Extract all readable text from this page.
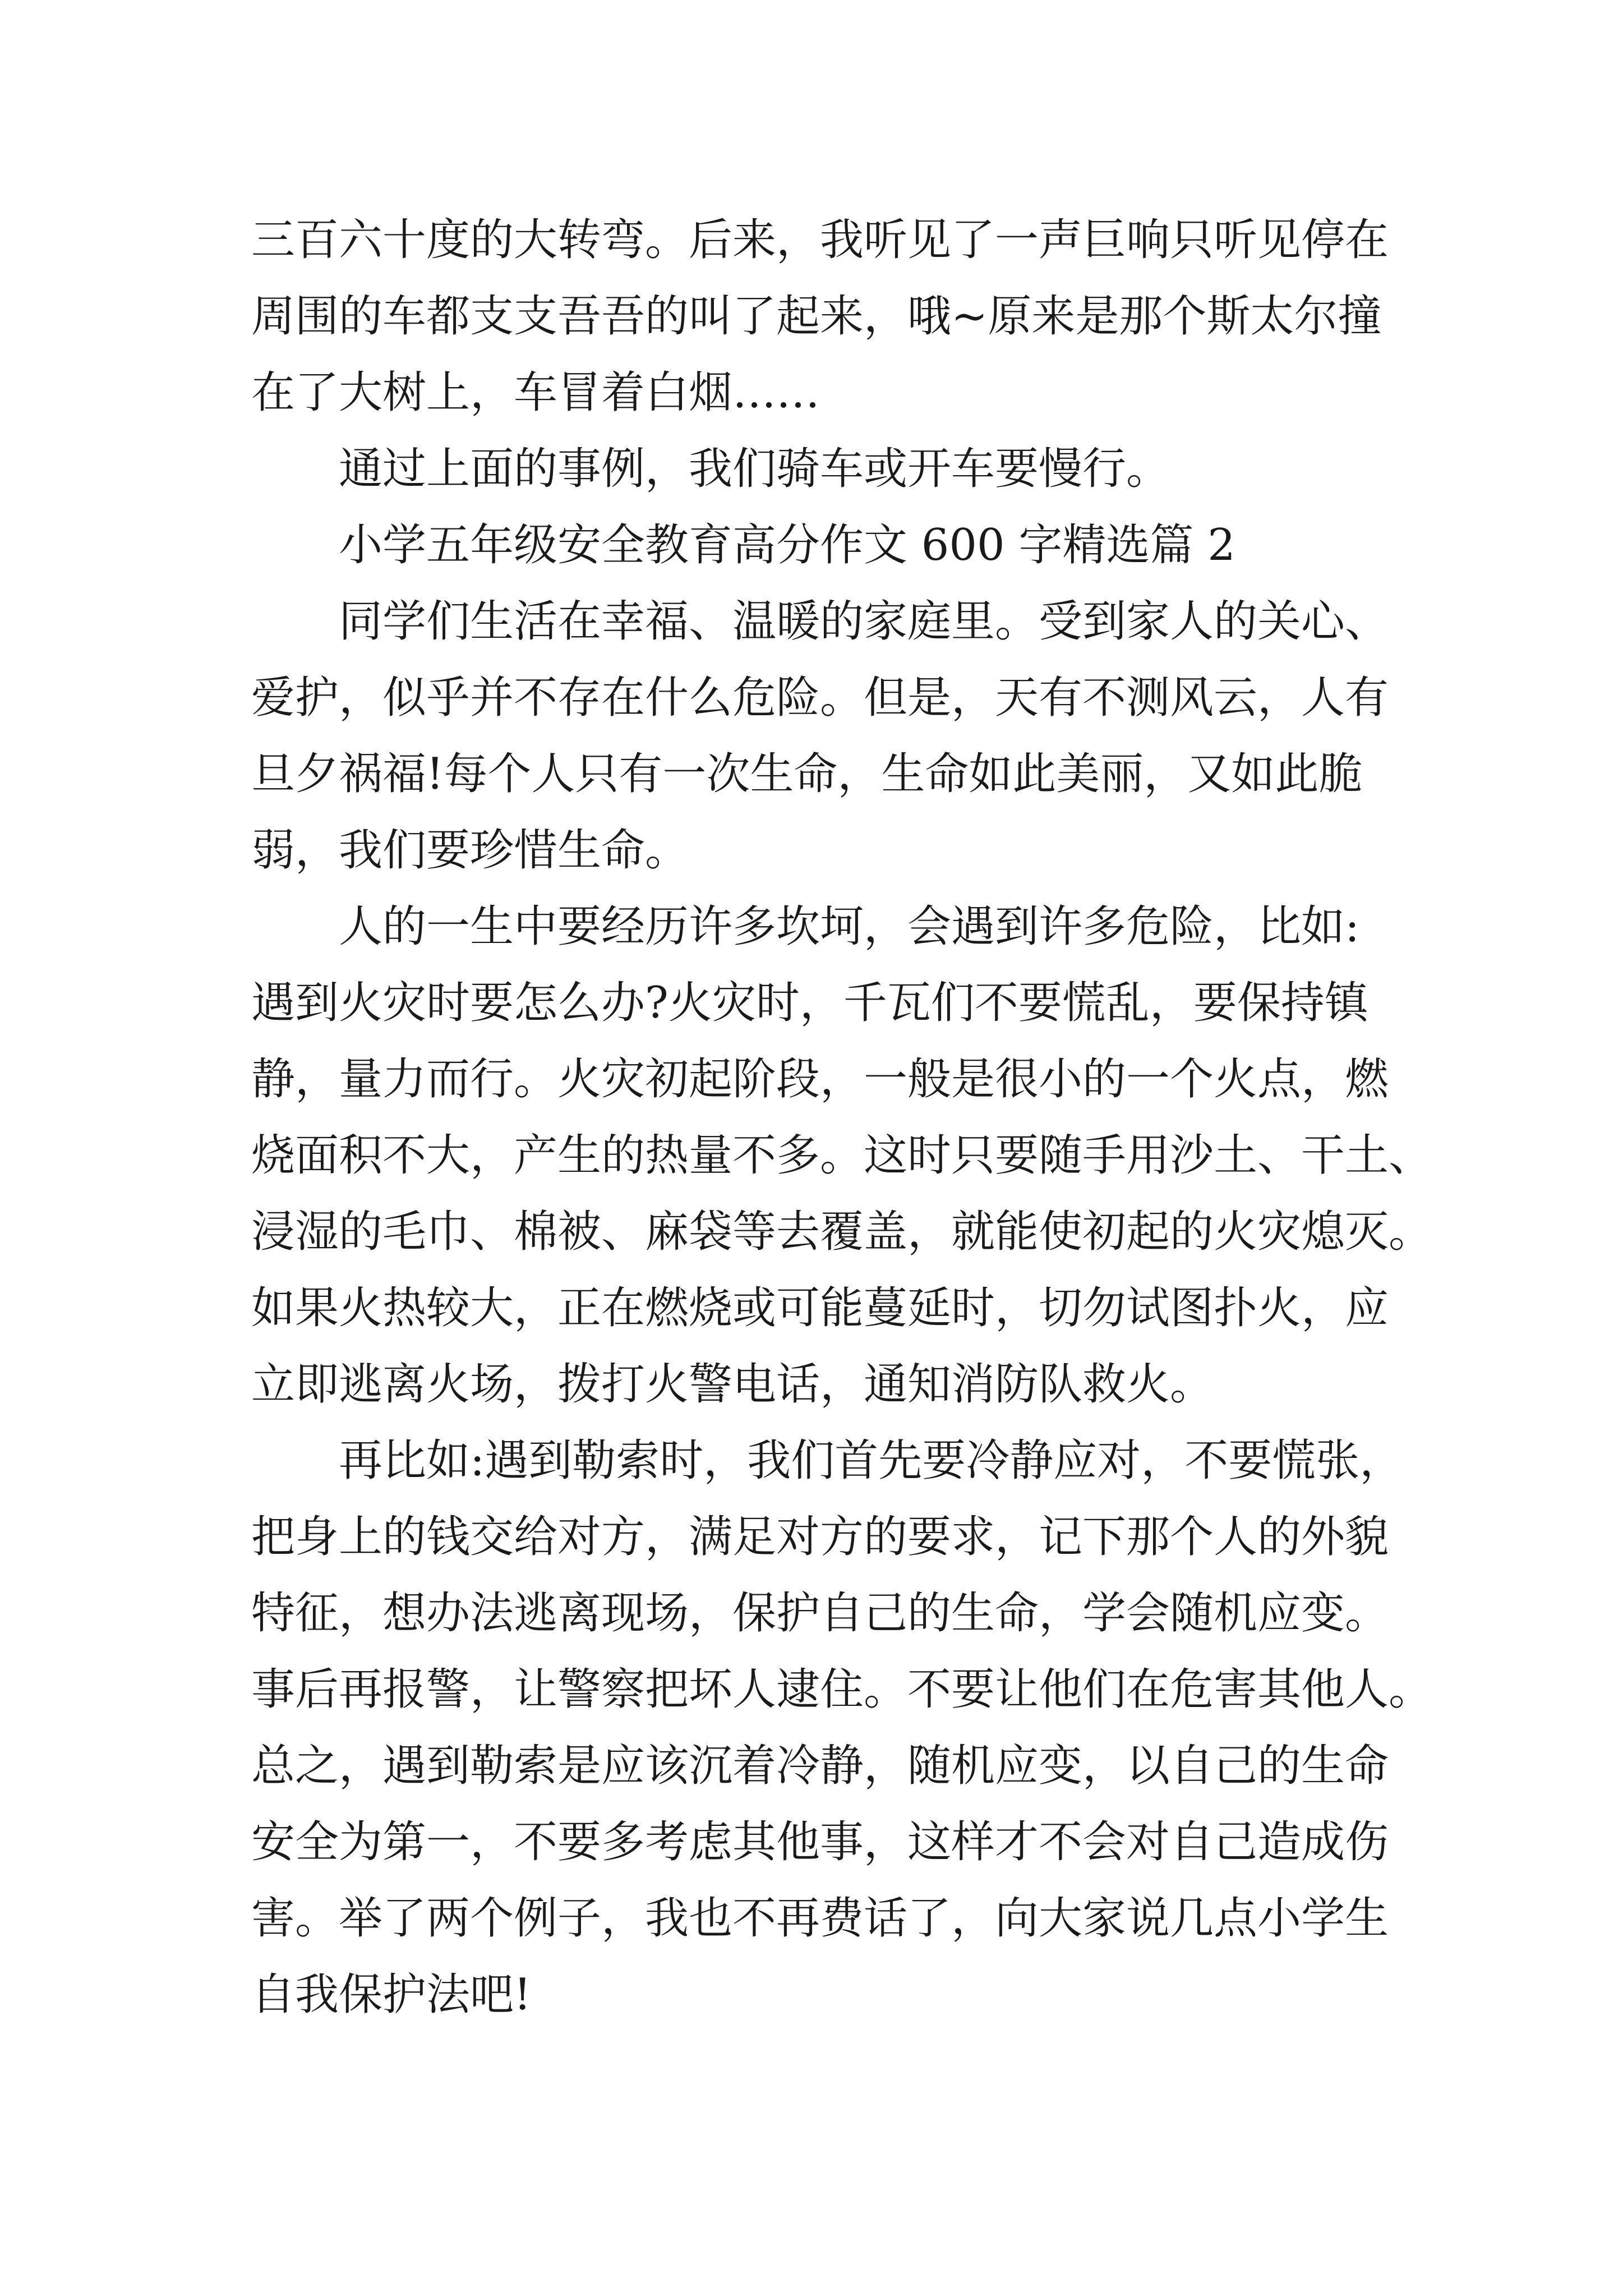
三百六十度的大转弯。后来，我听见了一声巨响只听见停在
周围的车都支支吾吾的叫了起来，哦~原来是那个斯太尔撞
在了大树上，车冒着白烟……
通过上面的事例，我们骑车或开车要慢行。
小学五年级安全教育高分作文 600 字精选篇 2
同学们生活在幸福、温暖的家庭里。受到家人的关心、
爱护，似乎并不存在什么危险。但是，天有不测风云，人有
旦夕祸福!每个人只有一次生命，生命如此美丽，又如此脆
弱，我们要珍惜生命。
人的一生中要经历许多坎坷，会遇到许多危险，比如:
遇到火灾时要怎么办?火灾时，千瓦们不要慌乱，要保持镇
静，量力而行。火灾初起阶段，一般是很小的一个火点，燃
烧面积不大，产生的热量不多。这时只要随手用沙土、干土、
浸湿的毛巾、棉被、麻袋等去覆盖，就能使初起的火灾熄灭。
如果火热较大，正在燃烧或可能蔓延时，切勿试图扑火，应
立即逃离火场，拨打火警电话，通知消防队救火。
再比如:遇到勒索时，我们首先要冷静应对，不要慌张，
把身上的钱交给对方，满足对方的要求，记下那个人的外貌
特征，想办法逃离现场，保护自己的生命，学会随机应变。
事后再报警，让警察把坏人逮住。不要让他们在危害其他人。
总之，遇到勒索是应该沉着冷静，随机应变，以自己的生命
安全为第一，不要多考虑其他事，这样才不会对自己造成伤
害。举了两个例子，我也不再费话了，向大家说几点小学生
自我保护法吧!
